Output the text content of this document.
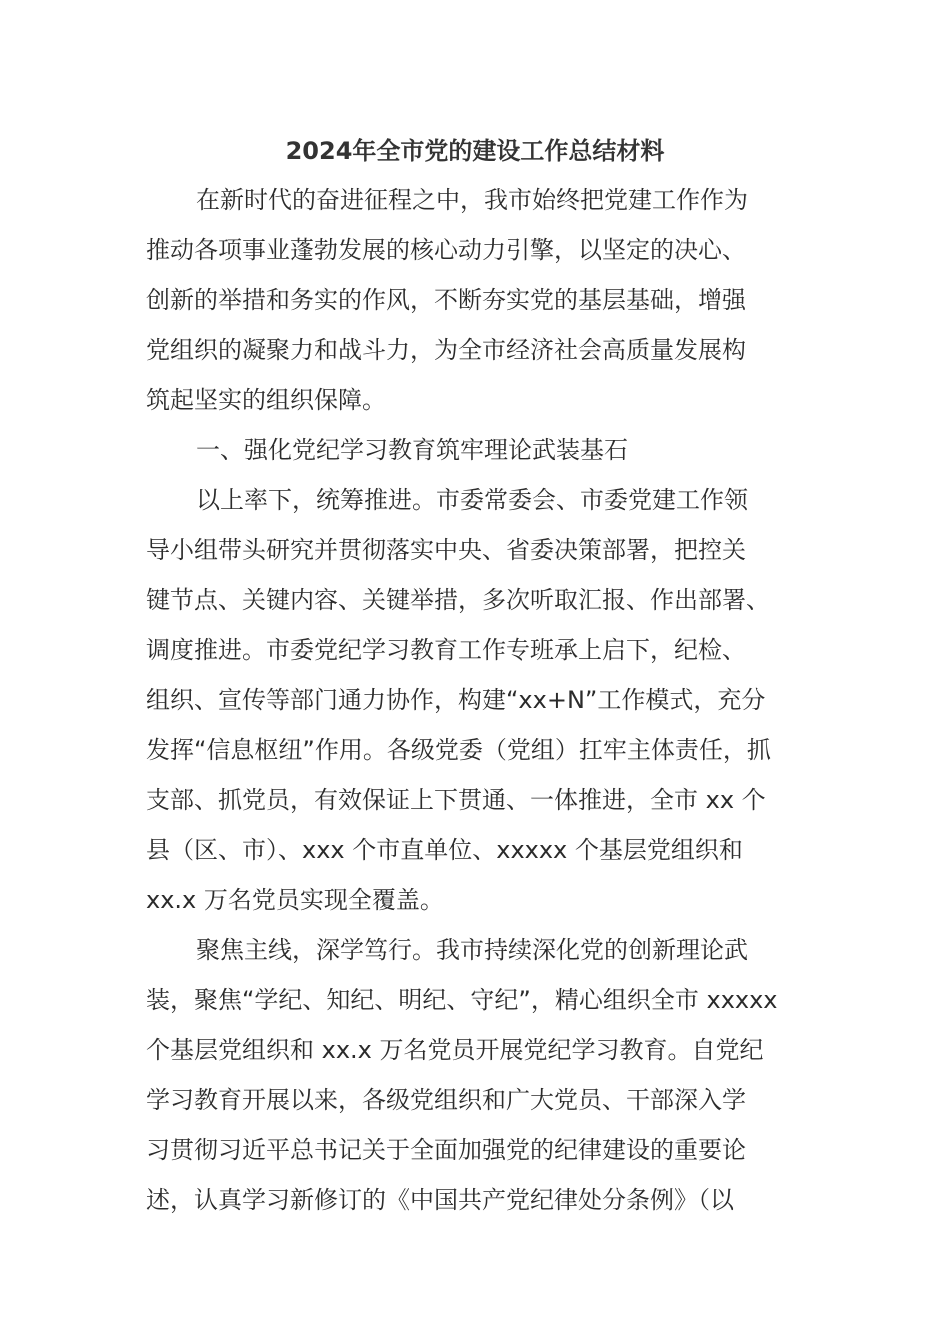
2024年全市党的建设工作总结材料
在新时代的奋进征程之中，我市始终把党建工作作为
推动各项事业蓬勃发展的核心动力引擎，以坚定的决心、
创新的举措和务实的作风，不断夯实党的基层基础，增强
党组织的凝聚力和战斗力，为全市经济社会高质量发展构
筑起坚实的组织保障。
一、强化党纪学习教育筑牢理论武装基石
以上率下，统筹推进。市委常委会、市委党建工作领
导小组带头研究并贯彻落实中央、省委决策部署，把控关
键节点、关键内容、关键举措，多次听取汇报、作出部署、
调度推进。市委党纪学习教育工作专班承上启下，纪检、
组织、宣传等部门通力协作，构建“xx+N”工作模式，充分
发挥“信息枢纽”作用。各级党委（党组）扛牢主体责任，抓
支部、抓党员，有效保证上下贯通、一体推进，全市 xx 个
县（区、市）、xxx 个市直单位、xxxxx 个基层党组织和
xx.x 万名党员实现全覆盖。
聚焦主线，深学笃行。我市持续深化党的创新理论武
装，聚焦“学纪、知纪、明纪、守纪”，精心组织全市 xxxxx
个基层党组织和 xx.x 万名党员开展党纪学习教育。自党纪
学习教育开展以来，各级党组织和广大党员、干部深入学
习贯彻习近平总书记关于全面加强党的纪律建设的重要论
述，认真学习新修订的《中国共产党纪律处分条例》（以
